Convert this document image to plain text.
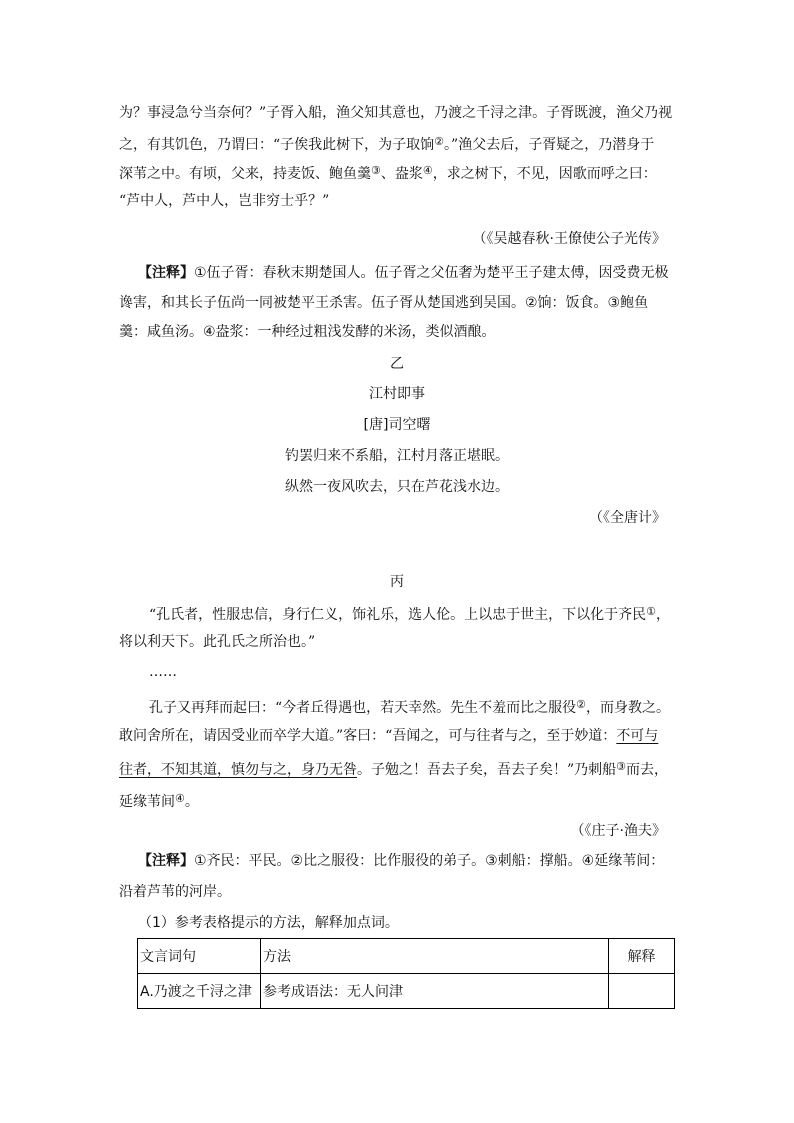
为？事浸急兮当奈何？”子胥入船，渔父知其意也，乃渡之千浔之津。子胥既渡，渔父乃视
之，有其饥色，乃谓曰：“子俟我此树下，为子取饷②。”渔父去后，子胥疑之，乃潜身于
深苇之中。有顷，父来，持麦饭、鲍鱼羹③、盎浆④，求之树下，不见，因歌而呼之曰：
“芦中人，芦中人，岂非穷士乎？”
（《吴越春秋·王僚使公子光传》
【注释】①伍子胥：春秋末期楚国人。伍子胥之父伍奢为楚平王子建太傅，因受费无极
谗害，和其长子伍尚一同被楚平王杀害。伍子胥从楚国逃到吴国。②饷：饭食。③鲍鱼
羹：咸鱼汤。④盎浆：一种经过粗浅发酵的米汤，类似酒酿。
乙
江村即事
[唐]司空曙
钓罢归来不系船，江村月落正堪眠。
纵然一夜风吹去，只在芦花浅水边。
（《全唐计》
丙
“孔氏者，性服忠信，身行仁义，饰礼乐，选人伦。上以忠于世主，下以化于齐民①，
将以利天下。此孔氏之所治也。”
……
孔子又再拜而起曰：“今者丘得遇也，若天幸然。先生不羞而比之服役②，而身教之。
敢问舍所在，请因受业而卒学大道。”客曰：“吾闻之，可与往者与之，至于妙道：不可与
往者，不知其道，慎勿与之，身乃无咎。子勉之！吾去子矣，吾去子矣！”乃刺船③而去，
延缘苇间④。
（《庄子·渔夫》
【注释】①齐民：平民。②比之服役：比作服役的弟子。③刺船：撑船。④延缘苇间：
沿着芦苇的河岸。
（1）参考表格提示的方法，解释加点词。
文言词句	方法	解释
A.乃渡之千浔之津	参考成语法：无人问津	
